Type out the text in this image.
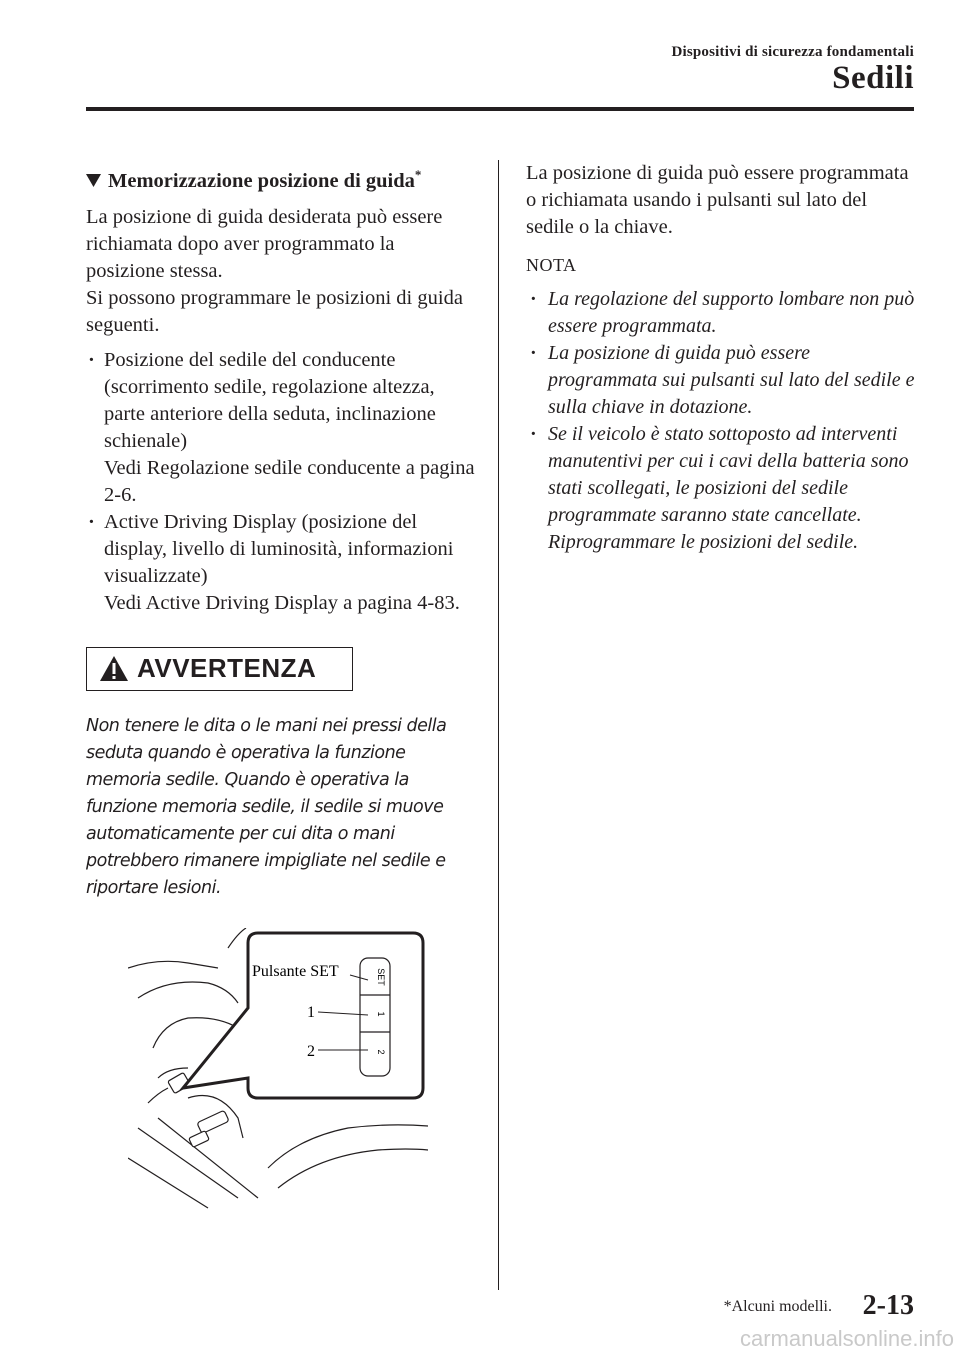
Dispositivi di sicurezza fondamentali
Sedili
Memorizzazione posizione di guida*
La posizione di guida desiderata può essere richiamata dopo aver programmato la posizione stessa.
Si possono programmare le posizioni di guida seguenti.
· Posizione del sedile del conducente (scorrimento sedile, regolazione altezza, parte anteriore della seduta, inclinazione schienale)
Vedi Regolazione sedile conducente a pagina 2-6.
· Active Driving Display (posizione del display, livello di luminosità, informazioni visualizzate)
Vedi Active Driving Display a pagina 4-83.
AVVERTENZA
Non tenere le dita o le mani nei pressi della seduta quando è operativa la funzione memoria sedile. Quando è operativa la funzione memoria sedile, il sedile si muove automaticamente per cui dita o mani potrebbero rimanere impigliate nel sedile e riportare lesioni.
SET
1
2
Pulsante SET
1
2
La posizione di guida può essere programmata o richiamata usando i pulsanti sul lato del sedile o la chiave.
NOTA
· La regolazione del supporto lombare non può essere programmata.
· La posizione di guida può essere programmata sui pulsanti sul lato del sedile e sulla chiave in dotazione.
· Se il veicolo è stato sottoposto ad interventi manutentivi per cui i cavi della batteria sono stati scollegati, le posizioni del sedile programmate saranno state cancellate.
Riprogrammare le posizioni del sedile.
*Alcuni modelli. 2-13
carmanualsonline.info
